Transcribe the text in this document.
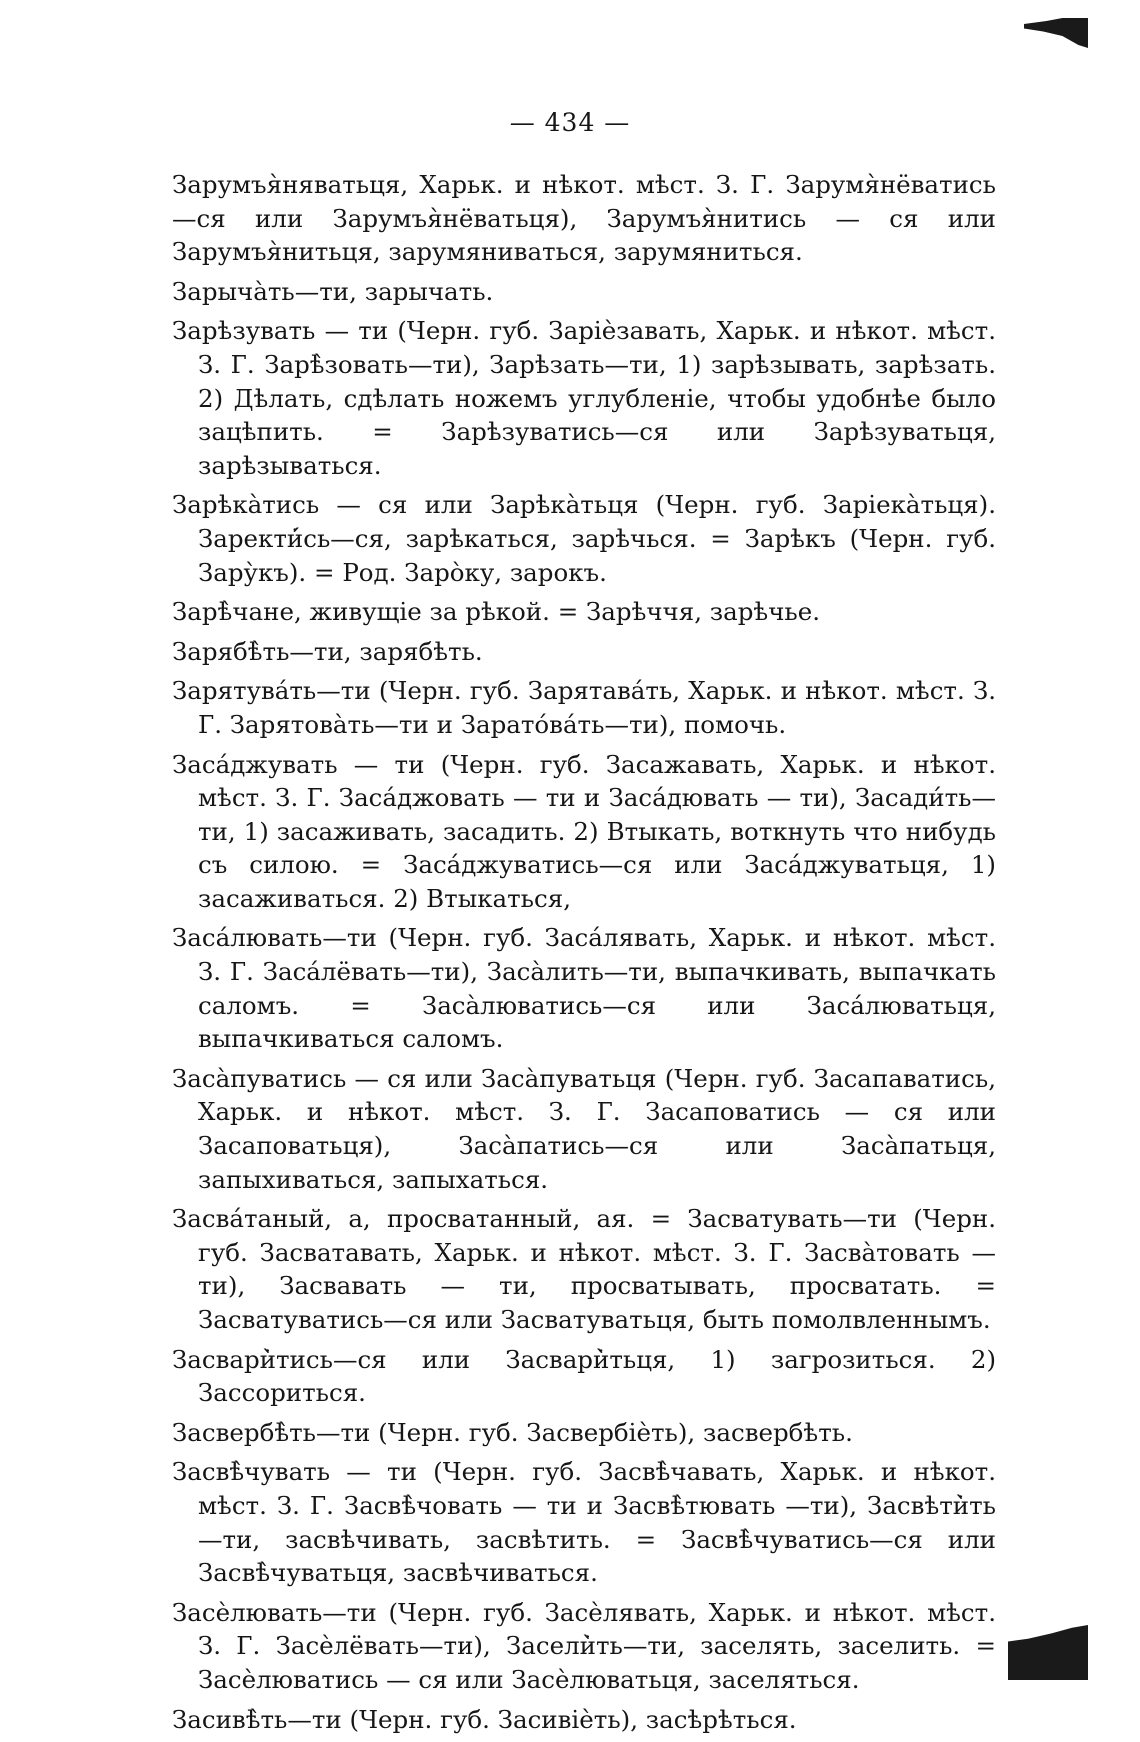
— 434 —

Зарумъя̀няватьця, Харьк. и нѣкот. мѣст. З. Г. Зарумя̀нёватись—ся или Зарумъя̀нёватьця), Зарумъя̀нитись — ся или Зарумъя̀нитьця, зарумяниваться, зарумяниться.

Зарыча̀ть—ти, зарычать.

Зарѣзувать — ти (Черн. губ. Заріѐзавать, Харьк. и нѣкот. мѣст. З. Г. Зарѣ̀зовать—ти), Зарѣзать—ти, 1) зарѣзывать, зарѣзать. 2) Дѣлать, сдѣлать ножемъ углубленіе, чтобы удобнѣе было зацѣпить. = Зарѣзуватись—ся или Зарѣзуватьця, зарѣзываться.

Зарѣка̀тись — ся или Зарѣка̀тьця (Черн. губ. Заріека̀тьця). Заректи̇́сь—ся, зарѣкаться, зарѣчься. = Зарѣкъ (Черн. губ. Зару̀къ). = Род. Зарὸку, зарокъ.

Зарѣ̀чане, живущіе за рѣкой. = Зарѣччя, зарѣчье.

Зарябѣ̀ть—ти, зарябѣть.

Зарятува́ть—ти (Черн. губ. Зарятава́ть, Харьк. и нѣкот. мѣст. З. Г. Зарятова̀ть—ти и Зарато́ва́ть—ти), помочь.

Заса́джувать — ти (Черн. губ. Засажавать, Харьк. и нѣкот. мѣст. З. Г. Заса́джовать — ти и Заса́дювать — ти), Засади́ть—ти, 1) засаживать, засадить. 2) Втыкать, воткнуть что нибудь съ силою. = Заса́джуватись—ся или Заса́джуватьця, 1) засаживаться. 2) Втыкаться,

Заса́лювать—ти (Черн. губ. Заса́лявать, Харьк. и нѣкот. мѣст. З. Г. Заса́лёвать—ти), Заса̀лить—ти, выпачкивать, выпачкать саломъ. = Заса̀люватись—ся или Заса́люватьця, выпачкиваться саломъ.

Заса̀пуватись — ся или Заса̀пуватьця (Черн. губ. Засапаватись, Харьк. и нѣкот. мѣст. З. Г. Засаповатись — ся или Засаповатьця), Заса̀патись—ся или Заса̀патьця, запыхиваться, запыхаться.

Засва́таный, а, просватанный, ая. = Засватувать—ти (Черн. губ. Засватавать, Харьк. и нѣкот. мѣст. З. Г. Засва̀товать —ти), Засвавать — ти, просватывать, просватать. = Засватуватись—ся или Засватуватьця, быть помолвленнымъ.

Засвари̇̀тись—ся или Засвари̇̀тьця, 1) загрозиться. 2) Зассориться.

Засвербѣ̀ть—ти (Черн. губ. Засвербіѐть), засвербѣть.

Засвѣ̀чувать — ти (Черн. губ. Засвѣ̀чавать, Харьк. и нѣкот. мѣст. З. Г. Засвѣ̀човать — ти и Засвѣ̀тювать —ти), Засвѣти̇̀ть—ти, засвѣчивать, засвѣтить. = Засвѣ̀чуватись—ся или Засвѣ̀чуватьця, засвѣчиваться.

Засѐлювать—ти (Черн. губ. Засѐлявать, Харьк. и нѣкот. мѣст. З. Г. Засѐлёвать—ти), Засели̇̀ть—ти, заселять, заселить. = Засѐлюватись — ся или Засѐлюватьця, заселяться.

Засивѣ̀ть—ти (Черн. губ. Засивіѐть), засѣрѣться.
